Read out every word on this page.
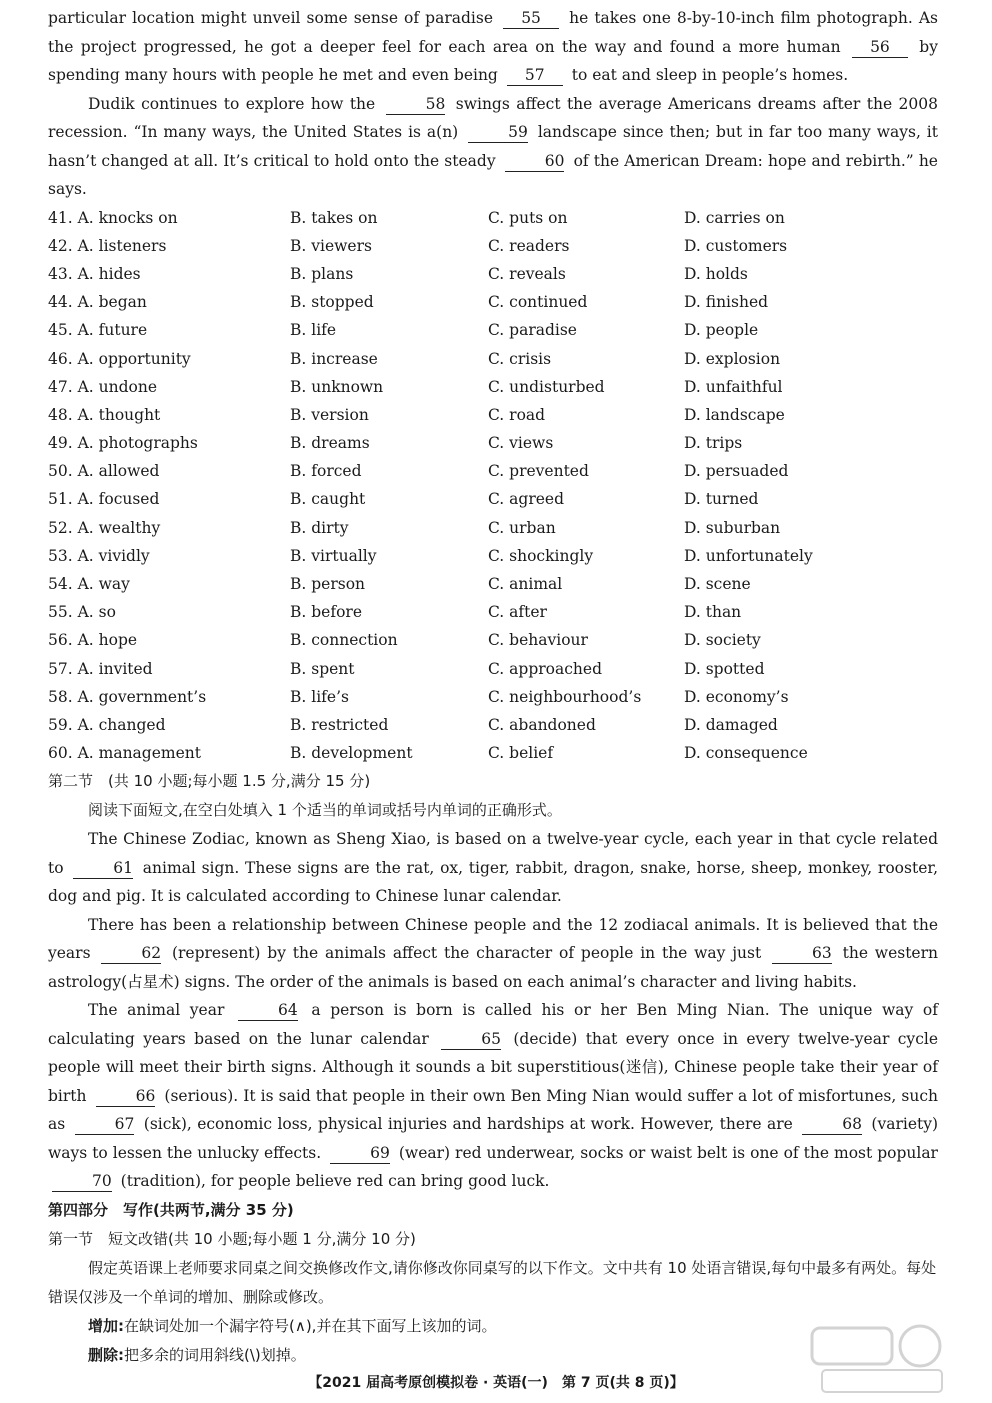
particular location might unveil some sense of paradise 55 he takes one 8-by-10-inch film photograph. As the project progressed, he got a deeper feel for each area on the way and found a more human 56 by spending many hours with people he met and even being 57 to eat and sleep in people’s homes.

Dudik continues to explore how the	58 swings affect the average Americans dreams after the 2008 recession. “In many ways, the United States is a(n)	59 landscape since then; but in far too many ways, it hasn’t changed at all. It’s critical to hold onto the steady	60 of the American Dream: hope and rebirth.” he says.

41. A. knocks on	B. takes on	C. puts on	D. carries on
42. A. listeners	B. viewers	C. readers	D. customers
43. A. hides	B. plans	C. reveals	D. holds
44. A. began	B. stopped	C. continued	D. finished
45. A. future	B. life	C. paradise	D. people
46. A. opportunity	B. increase	C. crisis	D. explosion
47. A. undone	B. unknown	C. undisturbed	D. unfaithful
48. A. thought	B. version	C. road	D. landscape
49. A. photographs	B. dreams	C. views	D. trips
50. A. allowed	B. forced	C. prevented	D. persuaded
51. A. focused	B. caught	C. agreed	D. turned
52. A. wealthy	B. dirty	C. urban	D. suburban
53. A. vividly	B. virtually	C. shockingly	D. unfortunately
54. A. way	B. person	C. animal	D. scene
55. A. so	B. before	C. after	D. than
56. A. hope	B. connection	C. behaviour	D. society
57. A. invited	B. spent	C. approached	D. spotted
58. A. government’s	B. life’s	C. neighbourhood’s	D. economy’s
59. A. changed	B. restricted	C. abandoned	D. damaged
60. A. management	B. development	C. belief	D. consequence

第二节　(共 10 小题;每小题 1.5 分,满分 15 分)

阅读下面短文,在空白处填入 1 个适当的单词或括号内单词的正确形式。

The Chinese Zodiac, known as Sheng Xiao, is based on a twelve-year cycle, each year in that cycle related to	61 animal sign. These signs are the rat, ox, tiger, rabbit, dragon, snake, horse, sheep, monkey, rooster, dog and pig. It is calculated according to Chinese lunar calendar.

There has been a relationship between Chinese people and the 12 zodiacal animals. It is believed that the years	62 (represent) by the animals affect the character of people in the way just	63 the western astrology(占星术) signs. The order of the animals is based on each animal’s character and living habits.

The animal year	64 a person is born is called his or her Ben Ming Nian. The unique way of calculating years based on the lunar calendar	65 (decide) that every once in every twelve-year cycle people will meet their birth signs. Although it sounds a bit superstitious(迷信), Chinese people take their year of birth	66 (serious). It is said that people in their own Ben Ming Nian would suffer a lot of misfortunes, such as	67 (sick), economic loss, physical injuries and hardships at work. However, there are	68 (variety) ways to lessen the unlucky effects.	69 (wear) red underwear, socks or waist belt is one of the most popular 70 (tradition), for people believe red can bring good luck.

第四部分　写作(共两节,满分 35 分)

第一节　短文改错(共 10 小题;每小题 1 分,满分 10 分)

假定英语课上老师要求同桌之间交换修改作文,请你修改你同桌写的以下作文。文中共有 10 处语言错误,每句中最多有两处。每处错误仅涉及一个单词的增加、删除或修改。

增加:在缺词处加一个漏字符号(∧),并在其下面写上该加的词。

删除:把多余的词用斜线(\)划掉。

【2021 届高考原创模拟卷 · 英语(一)　第 7 页(共 8 页)】
